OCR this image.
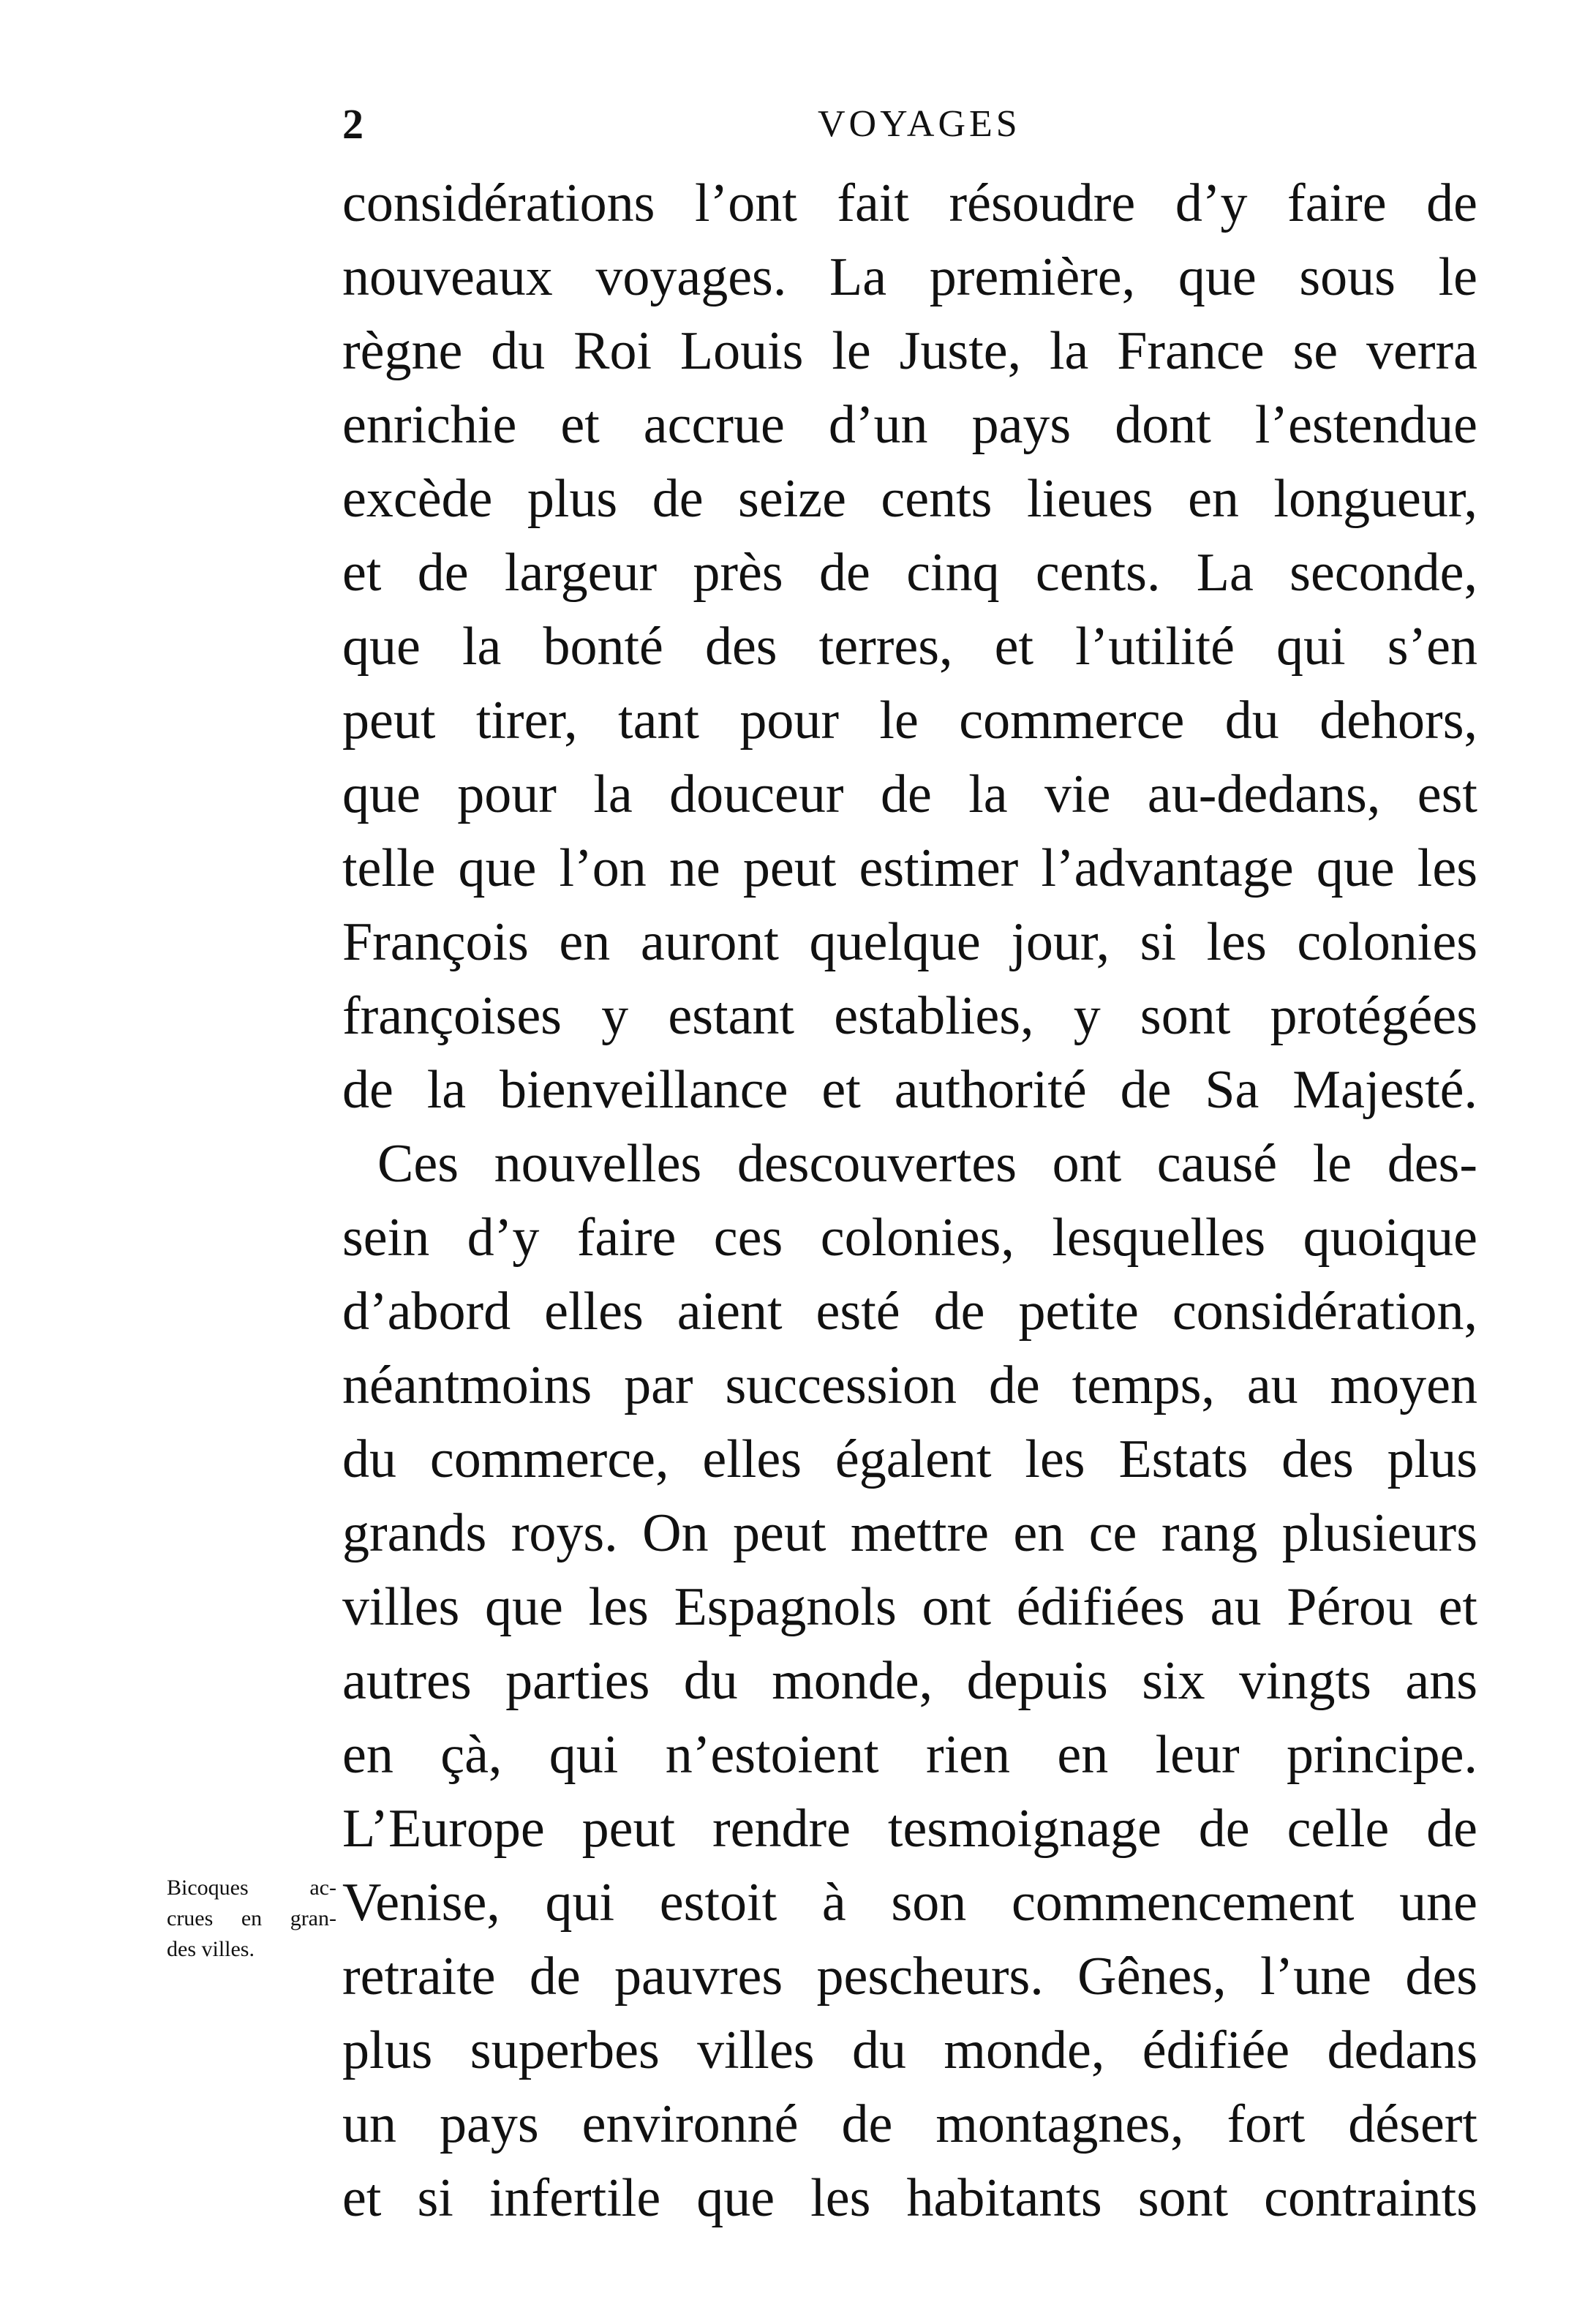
2	VOYAGES
considérations l’ont fait résoudre d’y faire de
nouveaux voyages. La première, que sous le
règne du Roi Louis le Juste, la France se verra
enrichie et accrue d’un pays dont l’estendue
excède plus de seize cents lieues en longueur,
et de largeur près de cinq cents. La seconde,
que la bonté des terres, et l’utilité qui s’en
peut tirer, tant pour le commerce du dehors,
que pour la douceur de la vie au-dedans, est
telle que l’on ne peut estimer l’advantage que les
François en auront quelque jour, si les colonies
françoises y estant establies, y sont protégées
de la bienveillance et authorité de Sa Majesté.
Ces nouvelles descouvertes ont causé le des-
sein d’y faire ces colonies, lesquelles quoique
d’abord elles aient esté de petite considération,
néantmoins par succession de temps, au moyen
du commerce, elles égalent les Estats des plus
grands roys. On peut mettre en ce rang plusieurs
villes que les Espagnols ont édifiées au Pérou et
autres parties du monde, depuis six vingts ans
en çà, qui n’estoient rien en leur principe.
L’Europe peut rendre tesmoignage de celle de
Venise, qui estoit à son commencement une
retraite de pauvres pescheurs. Gênes, l’une des
plus superbes villes du monde, édifiée dedans
un pays environné de montagnes, fort désert
et si infertile que les habitants sont contraints
Bicoques ac-
crues en gran-
des villes.
